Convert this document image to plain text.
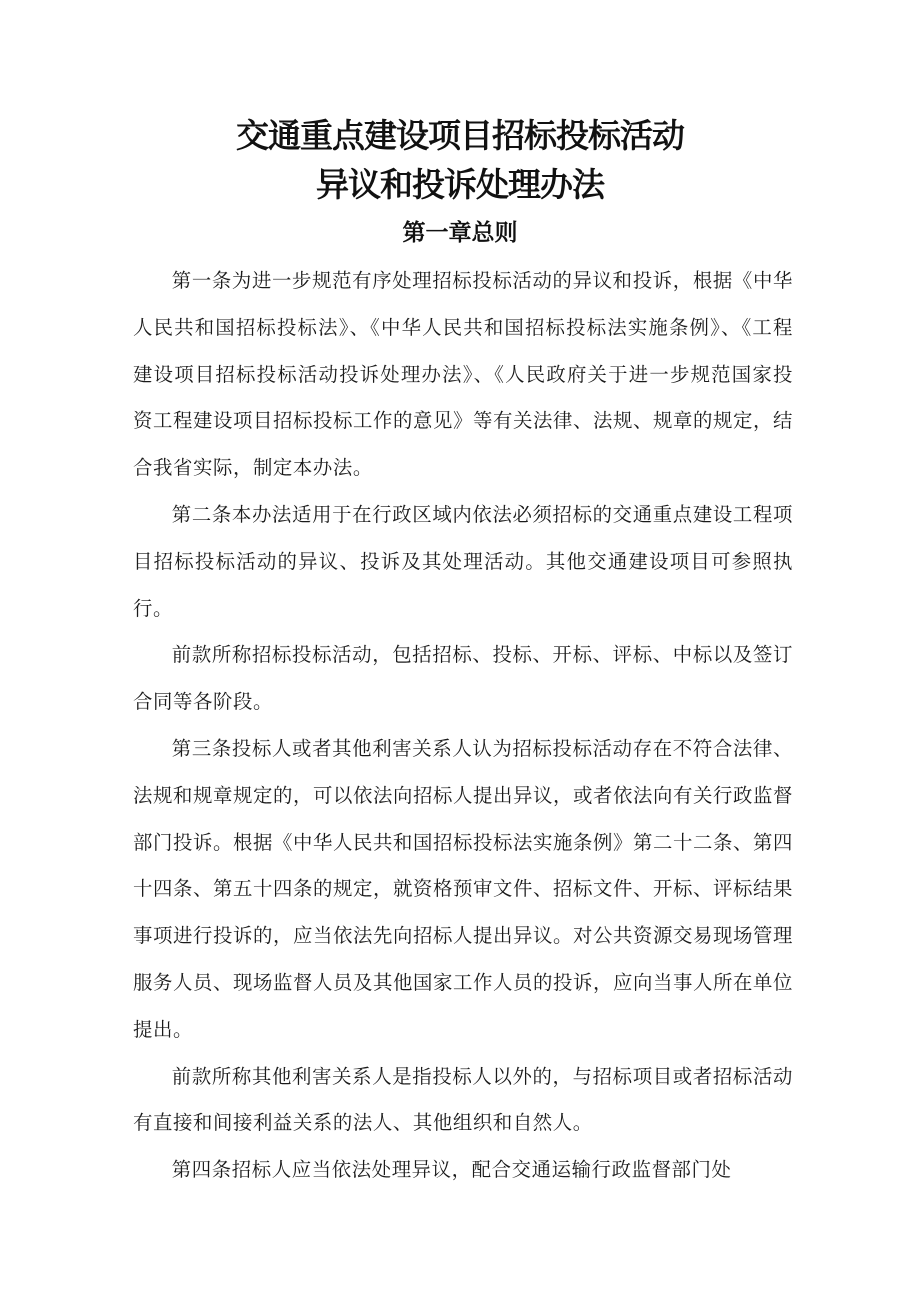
交通重点建设项目招标投标活动
异议和投诉处理办法
第一章总则

第一条为进一步规范有序处理招标投标活动的异议和投诉，根据《中华人民共和国招标投标法》、《中华人民共和国招标投标法实施条例》、《工程建设项目招标投标活动投诉处理办法》、《人民政府关于进一步规范国家投资工程建设项目招标投标工作的意见》等有关法律、法规、规章的规定，结合我省实际，制定本办法。

第二条本办法适用于在行政区域内依法必须招标的交通重点建设工程项目招标投标活动的异议、投诉及其处理活动。其他交通建设项目可参照执行。

前款所称招标投标活动，包括招标、投标、开标、评标、中标以及签订合同等各阶段。

第三条投标人或者其他利害关系人认为招标投标活动存在不符合法律、法规和规章规定的，可以依法向招标人提出异议，或者依法向有关行政监督部门投诉。根据《中华人民共和国招标投标法实施条例》第二十二条、第四十四条、第五十四条的规定，就资格预审文件、招标文件、开标、评标结果事项进行投诉的，应当依法先向招标人提出异议。对公共资源交易现场管理服务人员、现场监督人员及其他国家工作人员的投诉，应向当事人所在单位提出。

前款所称其他利害关系人是指投标人以外的，与招标项目或者招标活动有直接和间接利益关系的法人、其他组织和自然人。

第四条招标人应当依法处理异议，配合交通运输行政监督部门处
